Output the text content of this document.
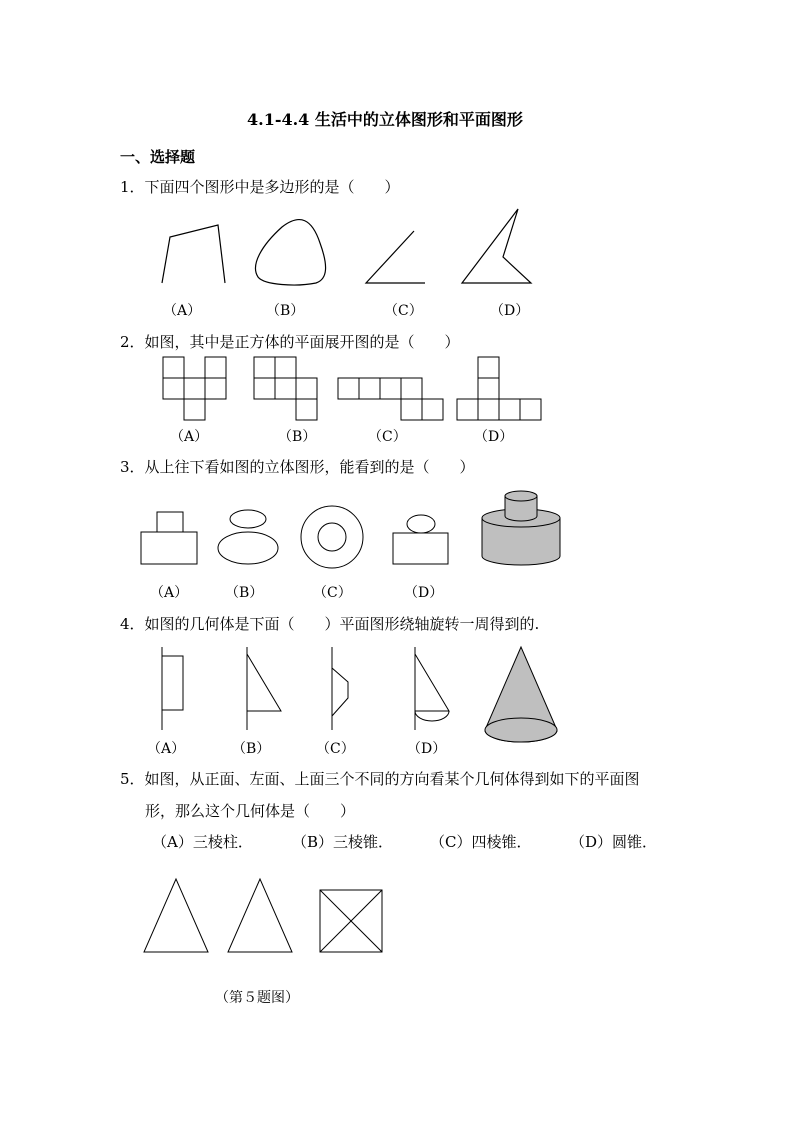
4.1-4.4 生活中的立体图形和平面图形
一、选择题
1．下面四个图形中是多边形的是（　　）
（A）	（B）	（C）	（D）
2．如图，其中是正方体的平面展开图的是（　　）
（A）	（B）	（C）	（D）
3．从上往下看如图的立体图形，能看到的是（　　）
（A）	（B）	（C）	（D）
4．如图的几何体是下面（　　）平面图形绕轴旋转一周得到的.
（A）	（B）	（C）	（D）
5．如图，从正面、左面、上面三个不同的方向看某个几何体得到如下的平面图
形，那么这个几何体是（　　）
（A）三棱柱．	（B）三棱锥． （C）四棱锥．	（D）圆锥．
（第５题图）
